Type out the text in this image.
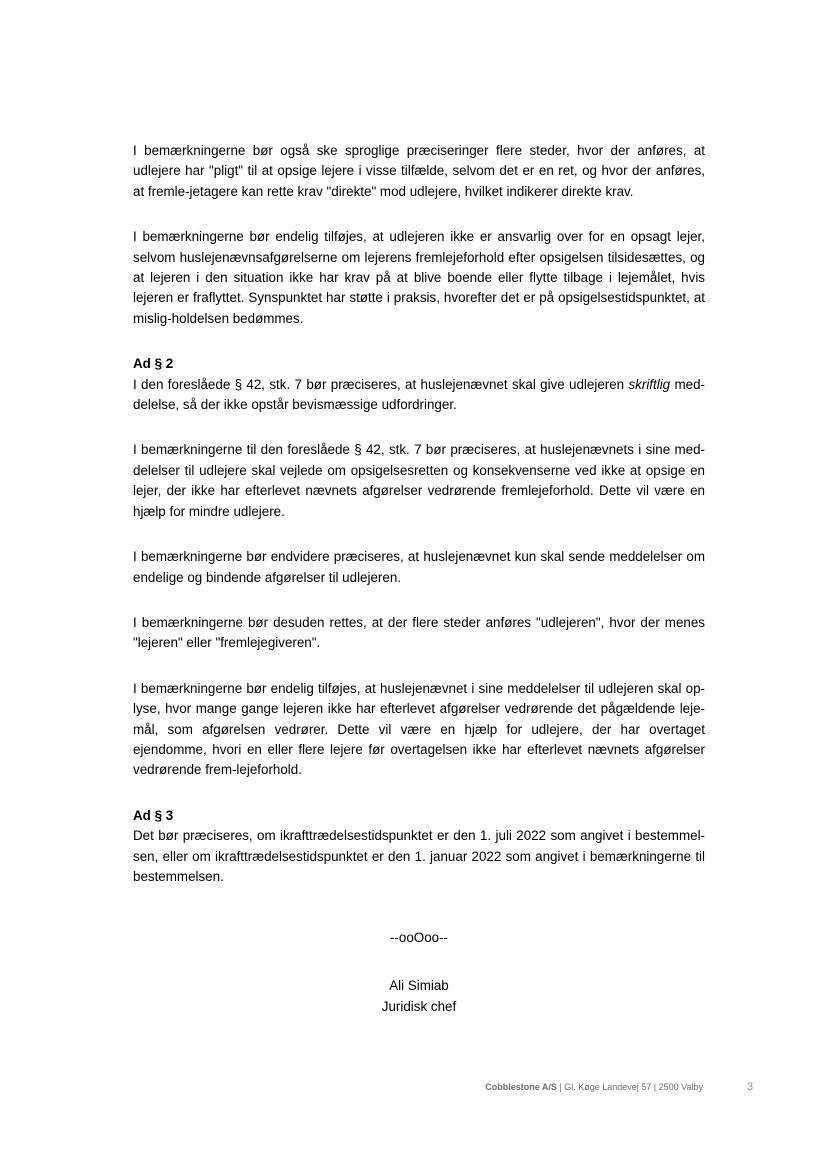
I bemærkningerne bør også ske sproglige præciseringer flere steder, hvor der anføres, at udlejere har "pligt" til at opsige lejere i visse tilfælde, selvom det er en ret, og hvor der anføres, at fremle-jetagere kan rette krav "direkte" mod udlejere, hvilket indikerer direkte krav.

I bemærkningerne bør endelig tilføjes, at udlejeren ikke er ansvarlig over for en opsagt lejer, selvom huslejenævnsafgørelserne om lejerens fremlejeforhold efter opsigelsen tilsidesættes, og at lejeren i den situation ikke har krav på at blive boende eller flytte tilbage i lejemålet, hvis lejeren er fraflyttet. Synspunktet har støtte i praksis, hvorefter det er på opsigelsestidspunktet, at mislig-holdelsen bedømmes.

Ad § 2

I den foreslåede § 42, stk. 7 bør præciseres, at huslejenævnet skal give udlejeren skriftlig med-delelse, så der ikke opstår bevismæssige udfordringer.

I bemærkningerne til den foreslåede § 42, stk. 7 bør præciseres, at huslejenævnets i sine med-delelser til udlejere skal vejlede om opsigelsesretten og konsekvenserne ved ikke at opsige en lejer, der ikke har efterlevet nævnets afgørelser vedrørende fremlejeforhold. Dette vil være en hjælp for mindre udlejere.

I bemærkningerne bør endvidere præciseres, at huslejenævnet kun skal sende meddelelser om endelige og bindende afgørelser til udlejeren.

I bemærkningerne bør desuden rettes, at der flere steder anføres "udlejeren", hvor der menes "lejeren" eller "fremlejegiveren".

I bemærkningerne bør endelig tilføjes, at huslejenævnet i sine meddelelser til udlejeren skal op-lyse, hvor mange gange lejeren ikke har efterlevet afgørelser vedrørende det pågældende leje-mål, som afgørelsen vedrører. Dette vil være en hjælp for udlejere, der har overtaget ejendomme, hvori en eller flere lejere før overtagelsen ikke har efterlevet nævnets afgørelser vedrørende frem-lejeforhold.

Ad § 3

Det bør præciseres, om ikrafttrædelsestidspunktet er den 1. juli 2022 som angivet i bestemmel-sen, eller om ikrafttrædelsestidspunktet er den 1. januar 2022 som angivet i bemærkningerne til bestemmelsen.

--ooOoo--
Ali Simiab
Juridisk chef
Cobblestone A/S | Gl. Køge Landevej 57 | 2500 Valby	3
